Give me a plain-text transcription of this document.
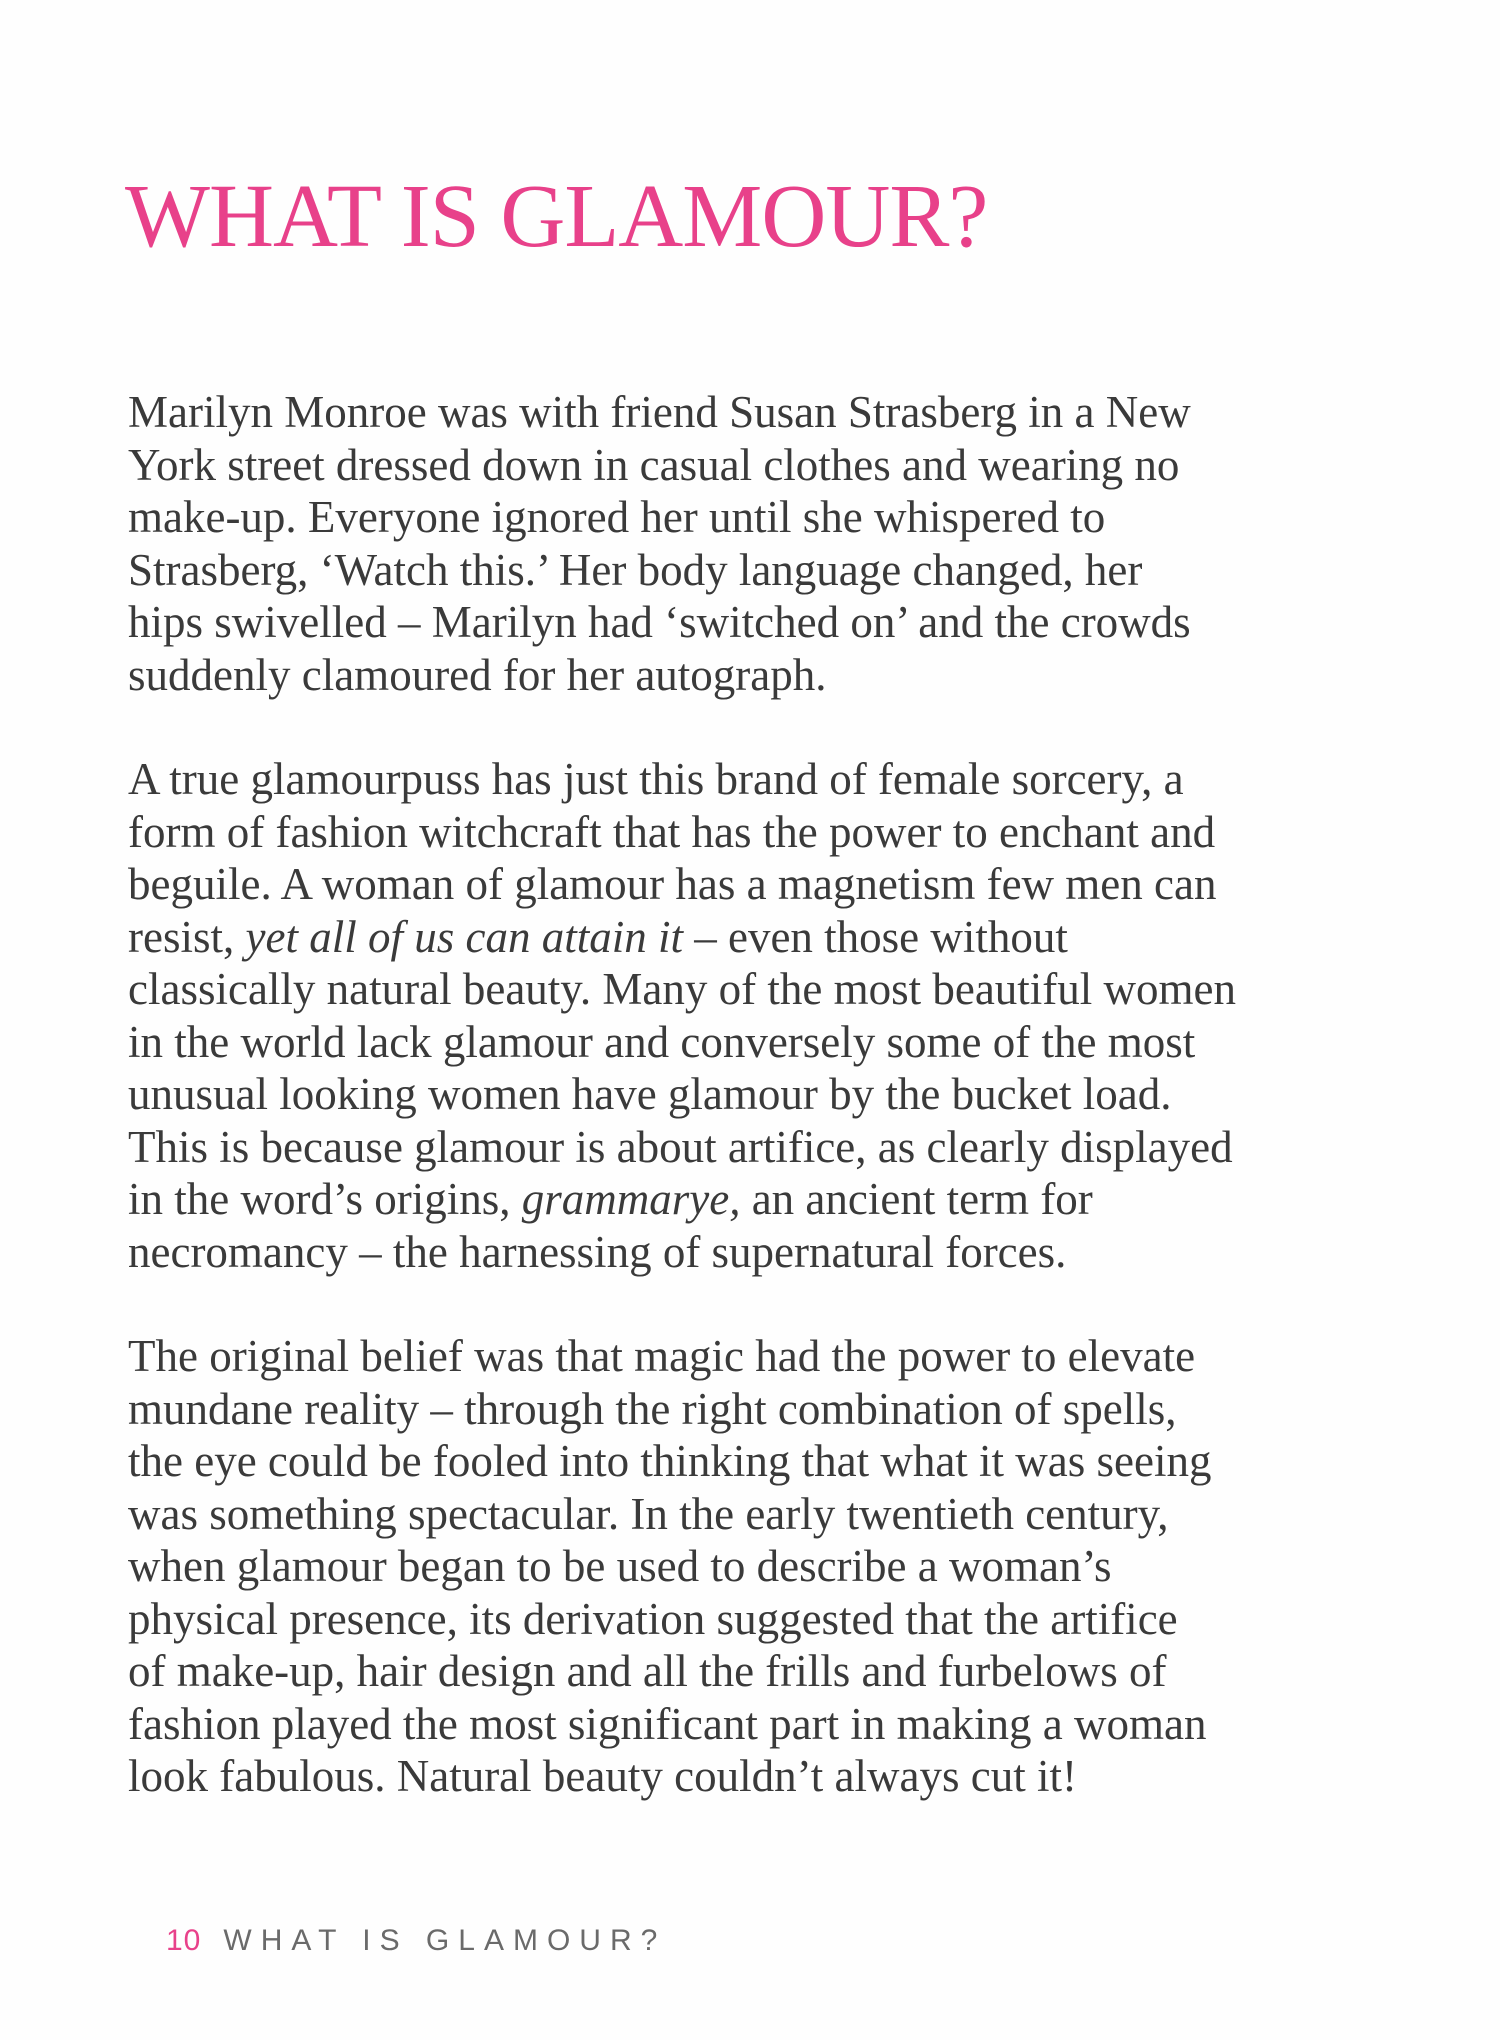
WHAT IS GLAMOUR?

Marilyn Monroe was with friend Susan Strasberg in a New
York street dressed down in casual clothes and wearing no
make-up. Everyone ignored her until she whispered to
Strasberg, ‘Watch this.’ Her body language changed, her
hips swivelled – Marilyn had ‘switched on’ and the crowds
suddenly clamoured for her autograph.

A true glamourpuss has just this brand of female sorcery, a
form of fashion witchcraft that has the power to enchant and
beguile. A woman of glamour has a magnetism few men can
resist, yet all of us can attain it – even those without
classically natural beauty. Many of the most beautiful women
in the world lack glamour and conversely some of the most
unusual looking women have glamour by the bucket load.
This is because glamour is about artifice, as clearly displayed
in the word’s origins, grammarye, an ancient term for
necromancy – the harnessing of supernatural forces.

The original belief was that magic had the power to elevate
mundane reality – through the right combination of spells,
the eye could be fooled into thinking that what it was seeing
was something spectacular. In the early twentieth century,
when glamour began to be used to describe a woman’s
physical presence, its derivation suggested that the artifice
of make-up, hair design and all the frills and furbelows of
fashion played the most significant part in making a woman
look fabulous. Natural beauty couldn’t always cut it!

10 WHAT IS GLAMOUR?
